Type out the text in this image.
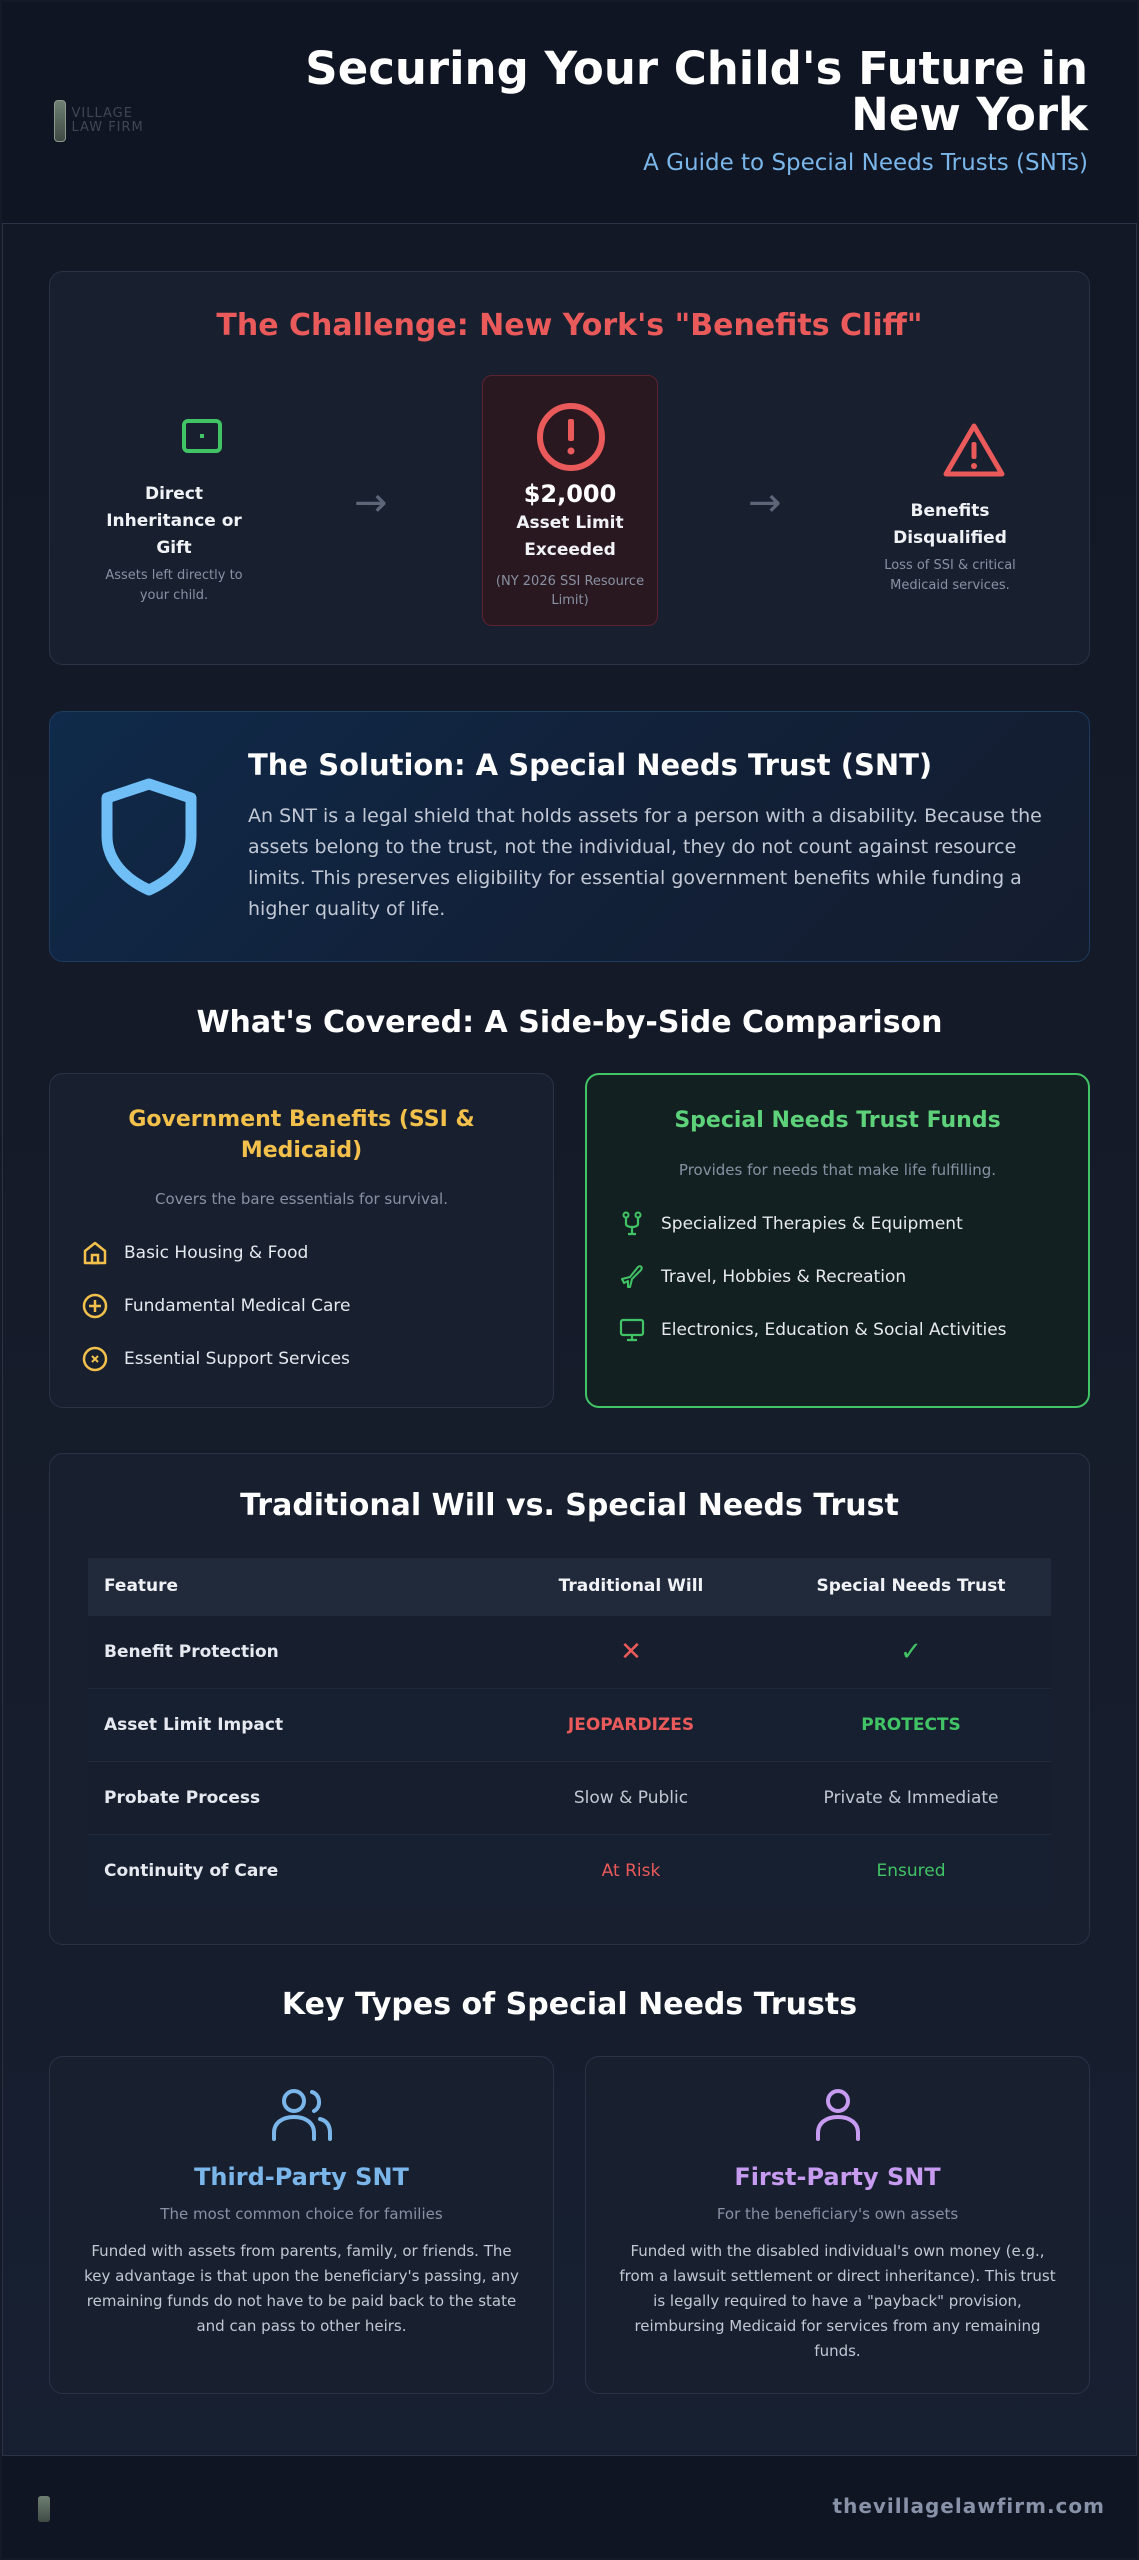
VILLAGE LAW FIRM
Securing Your Child's Future in New York
A Guide to Special Needs Trusts (SNTs)
The Challenge: New York's "Benefits Cliff"
Direct Inheritance or Gift
Assets left directly to your child.
→	$2,000
Asset Limit Exceeded
(NY 2026 SSI Resource Limit)
→	Benefits Disqualified
Loss of SSI & critical Medicaid services.
The Solution: A Special Needs Trust (SNT)
An SNT is a legal shield that holds assets for a person with a disability. Because the assets belong to the trust, not the individual, they do not count against resource limits. This preserves eligibility for essential government benefits while funding a higher quality of life.
What's Covered: A Side-by-Side Comparison
Government Benefits (SSI & Medicaid)
Covers the bare essentials for survival.
Basic Housing & Food
Fundamental Medical Care
Essential Support Services
Special Needs Trust Funds
Provides for needs that make life fulfilling.
Specialized Therapies & Equipment
Travel, Hobbies & Recreation
Electronics, Education & Social Activities
Traditional Will vs. Special Needs Trust
Feature	Traditional Will	Special Needs Trust
Benefit Protection	✕	✓
Asset Limit Impact	JEOPARDIZES	PROTECTS
Probate Process	Slow & Public	Private & Immediate
Continuity of Care	At Risk	Ensured
Key Types of Special Needs Trusts
Third-Party SNT
The most common choice for families
Funded with assets from parents, family, or friends. The key advantage is that upon the beneficiary's passing, any remaining funds do not have to be paid back to the state and can pass to other heirs.
First-Party SNT
For the beneficiary's own assets
Funded with the disabled individual's own money (e.g., from a lawsuit settlement or direct inheritance). This trust is legally required to have a "payback" provision, reimbursing Medicaid for services from any remaining funds.
thevillagelawfirm.com
